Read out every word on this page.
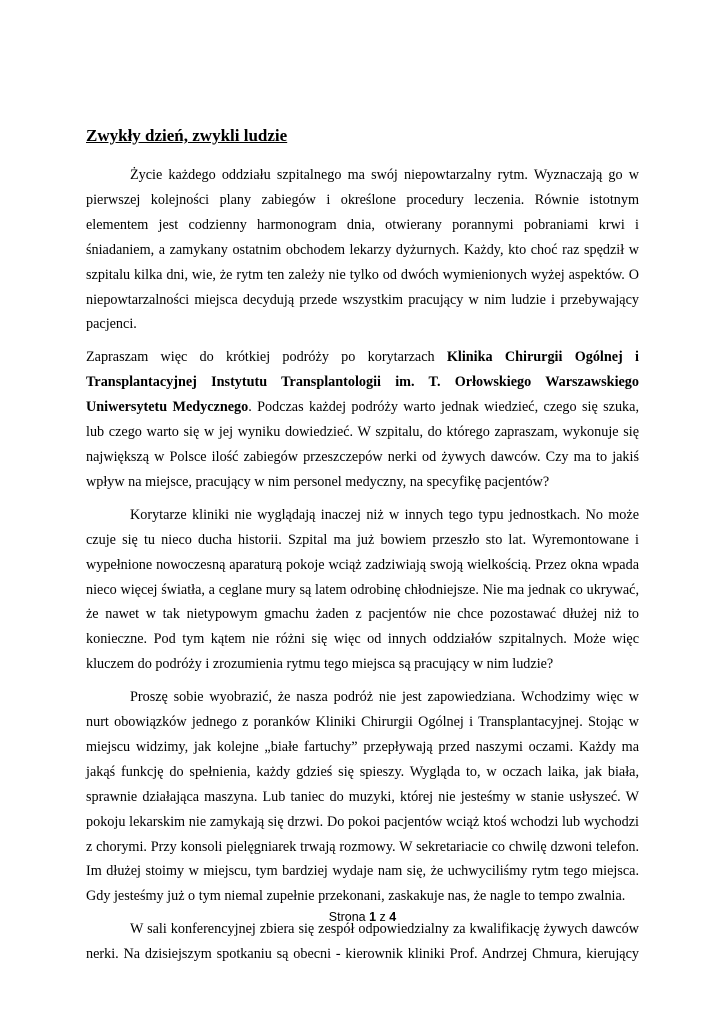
Zwykły dzień, zwykli ludzie

Życie każdego oddziału szpitalnego ma swój niepowtarzalny rytm. Wyznaczają go w pierwszej kolejności plany zabiegów i określone procedury leczenia. Równie istotnym elementem jest codzienny harmonogram dnia, otwierany porannymi pobraniami krwi i śniadaniem, a zamykany ostatnim obchodem lekarzy dyżurnych. Każdy, kto choć raz spędził w szpitalu kilka dni, wie, że rytm ten zależy nie tylko od dwóch wymienionych wyżej aspektów. O niepowtarzalności miejsca decydują przede wszystkim pracujący w nim ludzie i przebywający pacjenci.

Zapraszam więc do krótkiej podróży po korytarzach Klinika Chirurgii Ogólnej i Transplantacyjnej Instytutu Transplantologii im. T. Orłowskiego Warszawskiego Uniwersytetu Medycznego. Podczas każdej podróży warto jednak wiedzieć, czego się szuka, lub czego warto się w jej wyniku dowiedzieć. W szpitalu, do którego zapraszam, wykonuje się największą w Polsce ilość zabiegów przeszczepów nerki od żywych dawców. Czy ma to jakiś wpływ na miejsce, pracujący w nim personel medyczny, na specyfikę pacjentów?

Korytarze kliniki nie wyglądają inaczej niż w innych tego typu jednostkach. No może czuje się tu nieco ducha historii. Szpital ma już bowiem przeszło sto lat. Wyremontowane i wypełnione nowoczesną aparaturą pokoje wciąż zadziwiają swoją wielkością. Przez okna wpada nieco więcej światła, a ceglane mury są latem odrobinę chłodniejsze. Nie ma jednak co ukrywać, że nawet w tak nietypowym gmachu żaden z pacjentów nie chce pozostawać dłużej niż to konieczne. Pod tym kątem nie różni się więc od innych oddziałów szpitalnych. Może więc kluczem do podróży i zrozumienia rytmu tego miejsca są pracujący w nim ludzie?

Proszę sobie wyobrazić, że nasza podróż nie jest zapowiedziana. Wchodzimy więc w nurt obowiązków jednego z poranków Kliniki Chirurgii Ogólnej i Transplantacyjnej. Stojąc w miejscu widzimy, jak kolejne „białe fartuchy” przepływają przed naszymi oczami. Każdy ma jakąś funkcję do spełnienia, każdy gdzieś się spieszy. Wygląda to, w oczach laika, jak biała, sprawnie działająca maszyna. Lub taniec do muzyki, której nie jesteśmy w stanie usłyszeć. W pokoju lekarskim nie zamykają się drzwi. Do pokoi pacjentów wciąż ktoś wchodzi lub wychodzi z chorymi. Przy konsoli pielęgniarek trwają rozmowy. W sekretariacie co chwilę dzwoni telefon. Im dłużej stoimy w miejscu, tym bardziej wydaje nam się, że uchwyciliśmy rytm tego miejsca. Gdy jesteśmy już o tym niemal zupełnie przekonani, zaskakuje nas, że nagle to tempo zwalnia.

W sali konferencyjnej zbiera się zespół odpowiedzialny za kwalifikację żywych dawców nerki. Na dzisiejszym spotkaniu są obecni - kierownik kliniki Prof. Andrzej Chmura, kierujący

Strona 1 z 4
